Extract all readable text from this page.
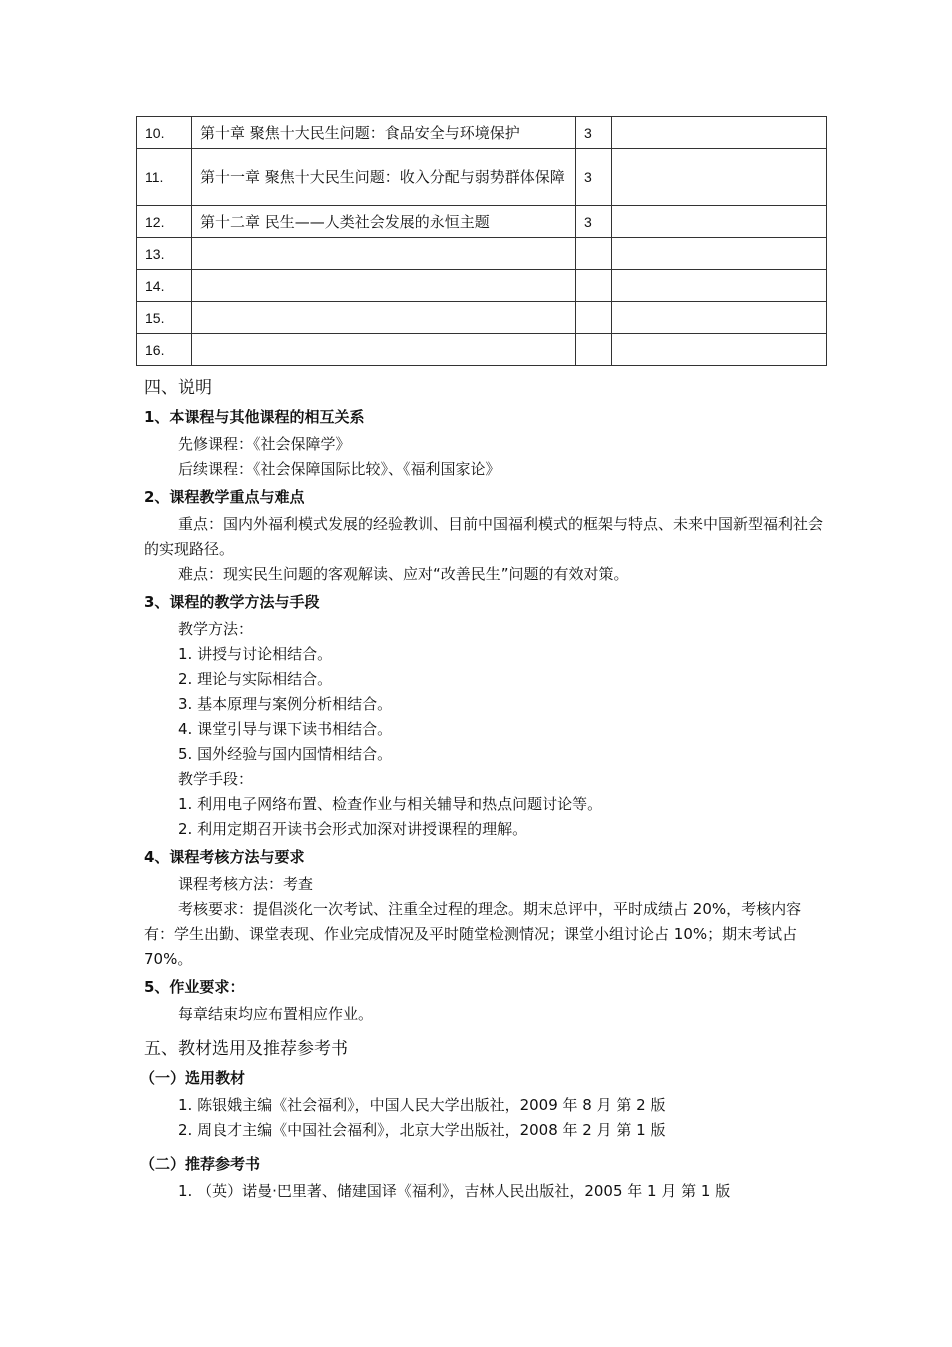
10.	第十章 聚焦十大民生问题：食品安全与环境保护	3	
11.	第十一章 聚焦十大民生问题：收入分配与弱势群体保障	3	
12.	第十二章 民生——人类社会发展的永恒主题	3	
13.			
14.			
15.			
16.			
四、说明
1、本课程与其他课程的相互关系

先修课程：《社会保障学》

后续课程：《社会保障国际比较》、《福利国家论》

2、课程教学重点与难点

重点：国内外福利模式发展的经验教训、目前中国福利模式的框架与特点、未来中国新型福利社会的实现路径。

难点：现实民生问题的客观解读、应对“改善民生”问题的有效对策。

3、课程的教学方法与手段

教学方法：

1. 讲授与讨论相结合。

2. 理论与实际相结合。

3. 基本原理与案例分析相结合。

4. 课堂引导与课下读书相结合。

5. 国外经验与国内国情相结合。

教学手段：

1. 利用电子网络布置、检查作业与相关辅导和热点问题讨论等。

2. 利用定期召开读书会形式加深对讲授课程的理解。

4、课程考核方法与要求

课程考核方法：考查

考核要求：提倡淡化一次考试、注重全过程的理念。期末总评中，平时成绩占 20%，考核内容有：学生出勤、课堂表现、作业完成情况及平时随堂检测情况；课堂小组讨论占 10%；期末考试占 70%。

5、作业要求：

每章结束均应布置相应作业。

五、教材选用及推荐参考书
（一）选用教材

1. 陈银娥主编《社会福利》，中国人民大学出版社，2009 年 8 月 第 2 版

2. 周良才主编《中国社会福利》，北京大学出版社，2008 年 2 月 第 1 版

（二）推荐参考书

1. （英）诺曼·巴里著、储建国译《福利》，吉林人民出版社，2005 年 1 月 第 1 版
